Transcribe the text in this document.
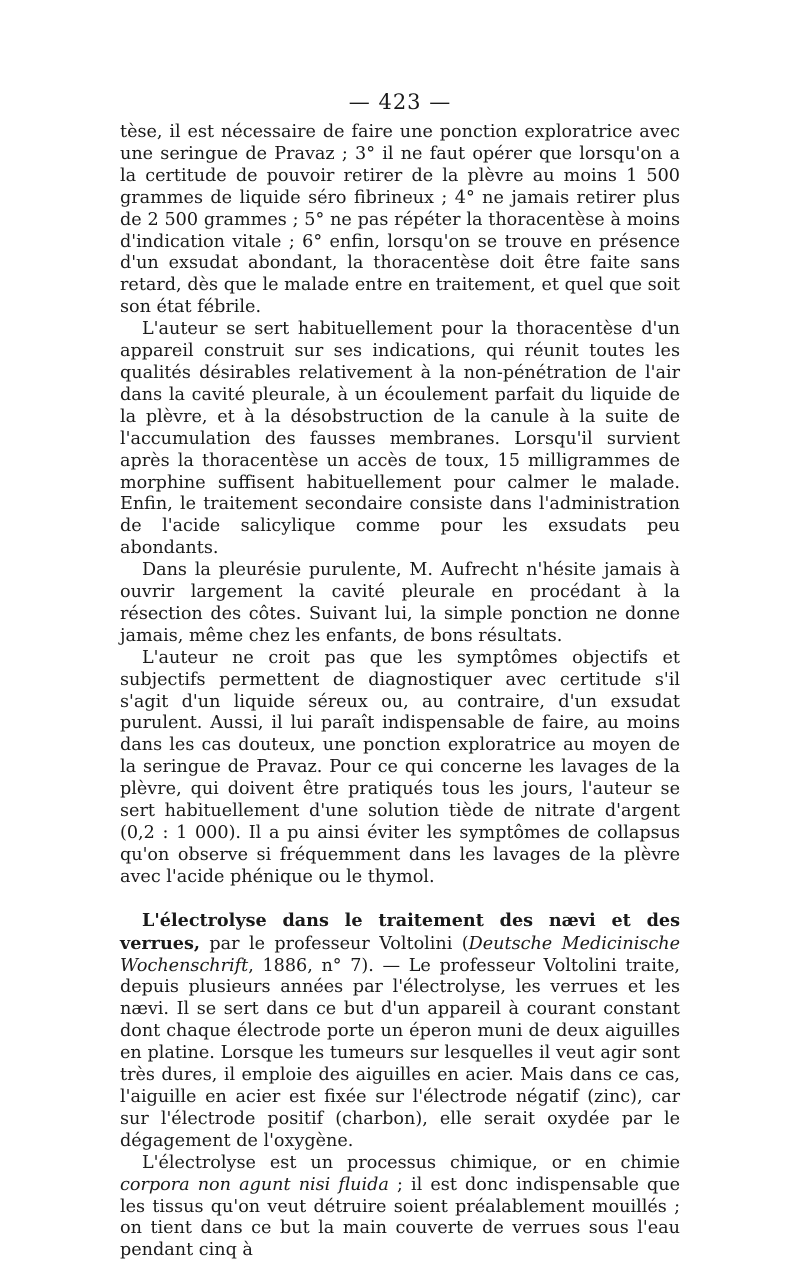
— 423 —

tèse, il est nécessaire de faire une ponction exploratrice avec une seringue de Pravaz ; 3° il ne faut opérer que lorsqu'on a la certitude de pouvoir retirer de la plèvre au moins 1 500 grammes de liquide séro fibrineux ; 4° ne jamais retirer plus de 2 500 grammes ; 5° ne pas répéter la thoracentèse à moins d'indication vitale ; 6° enfin, lorsqu'on se trouve en présence d'un exsudat abondant, la thoracentèse doit être faite sans retard, dès que le malade entre en traitement, et quel que soit son état fébrile.

L'auteur se sert habituellement pour la thoracentèse d'un appareil construit sur ses indications, qui réunit toutes les qualités désirables relativement à la non-pénétration de l'air dans la cavité pleurale, à un écoulement parfait du liquide de la plèvre, et à la désobstruction de la canule à la suite de l'accumulation des fausses membranes. Lorsqu'il survient après la thoracentèse un accès de toux, 15 milligrammes de morphine suffisent habituellement pour calmer le malade. Enfin, le traitement secondaire consiste dans l'administration de l'acide salicylique comme pour les exsudats peu abondants.

Dans la pleurésie purulente, M. Aufrecht n'hésite jamais à ouvrir largement la cavité pleurale en procédant à la résection des côtes. Suivant lui, la simple ponction ne donne jamais, même chez les enfants, de bons résultats.

L'auteur ne croit pas que les symptômes objectifs et subjectifs permettent de diagnostiquer avec certitude s'il s'agit d'un liquide séreux ou, au contraire, d'un exsudat purulent. Aussi, il lui paraît indispensable de faire, au moins dans les cas douteux, une ponction exploratrice au moyen de la seringue de Pravaz. Pour ce qui concerne les lavages de la plèvre, qui doivent être pratiqués tous les jours, l'auteur se sert habituellement d'une solution tiède de nitrate d'argent (0,2 : 1 000). Il a pu ainsi éviter les symptômes de collapsus qu'on observe si fréquemment dans les lavages de la plèvre avec l'acide phénique ou le thymol.

L'électrolyse dans le traitement des nævi et des verrues, par le professeur Voltolini (Deutsche Medicinische Wochenschrift, 1886, n° 7). — Le professeur Voltolini traite, depuis plusieurs années par l'électrolyse, les verrues et les nævi. Il se sert dans ce but d'un appareil à courant constant dont chaque électrode porte un éperon muni de deux aiguilles en platine. Lorsque les tumeurs sur lesquelles il veut agir sont très dures, il emploie des aiguilles en acier. Mais dans ce cas, l'aiguille en acier est fixée sur l'électrode négatif (zinc), car sur l'électrode positif (charbon), elle serait oxydée par le dégagement de l'oxygène.

L'électrolyse est un processus chimique, or en chimie corpora non agunt nisi fluida ; il est donc indispensable que les tissus qu'on veut détruire soient préalablement mouillés ; on tient dans ce but la main couverte de verrues sous l'eau pendant cinq à
